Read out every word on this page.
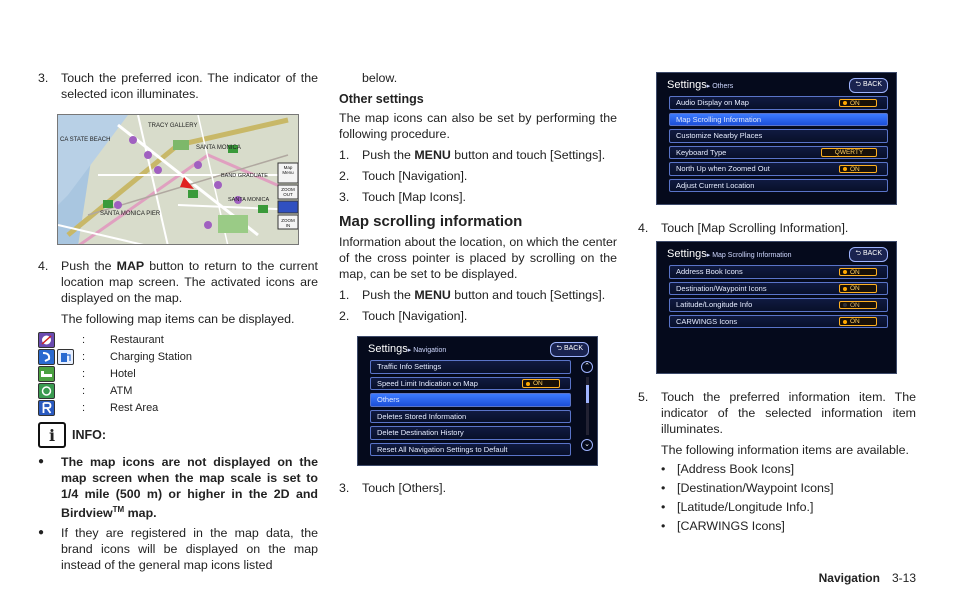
3.	Touch the preferred icon. The indicator of the selected icon illuminates.
CA STATE BEACH
TRACY GALLERY
SANTA MONICA
BAND GRADUATE
SANTA MONICA
SANTA MONICA PIER
Map Menu
ZOOM OUT
ZOOM IN
4.	Push the MAP button to return to the current location map screen. The activated icons are displayed on the map.

The following map items can be displayed.

:	Restaurant
:	Charging Station
:	Hotel
:	ATM
:	Rest Area
i	INFO:
●	The map icons are not displayed on the map screen when the map scale is set to 1/4 mile (500 m) or higher in the 2D and Birdview™ map.
●	If they are registered in the map data, the brand icons will be displayed on the map instead of the general map icons listed

below.

Other settings

The map icons can also be set by performing the following procedure.

1.	Push the MENU button and touch [Settings].
2.	Touch [Navigation].
3.	Touch [Map Icons].
Map scrolling information

Information about the location, on which the center of the cross pointer is placed by scrolling on the map, can be set to be displayed.

1.	Push the MENU button and touch [Settings].
2.	Touch [Navigation].
Settings▸ Navigation	⮌ BACK
Traffic Info Settings
Speed Limit Indication on Map	ON
Others
Deletes Stored Information
Delete Destination History
Reset All Navigation Settings to Default
⌃
⌄
3.	Touch [Others].
Settings▸ Others	⮌ BACK
Audio Display on Map	ON
Map Scrolling Information
Customize Nearby Places
Keyboard Type	QWERTY
North Up when Zoomed Out	ON
Adjust Current Location
4.	Touch [Map Scrolling Information].
Settings▸ Map Scrolling Information	⮌ BACK
Address Book Icons	ON
Destination/Waypoint Icons	ON
Latitude/Longitude Info	ON
CARWINGS Icons	ON
5.	Touch the preferred information item. The indicator of the selected information item illuminates.

The following information items are available.

• [Address Book Icons]
• [Destination/Waypoint Icons]
• [Latitude/Longitude Info.]
• [CARWINGS Icons]
Navigation 3-13
